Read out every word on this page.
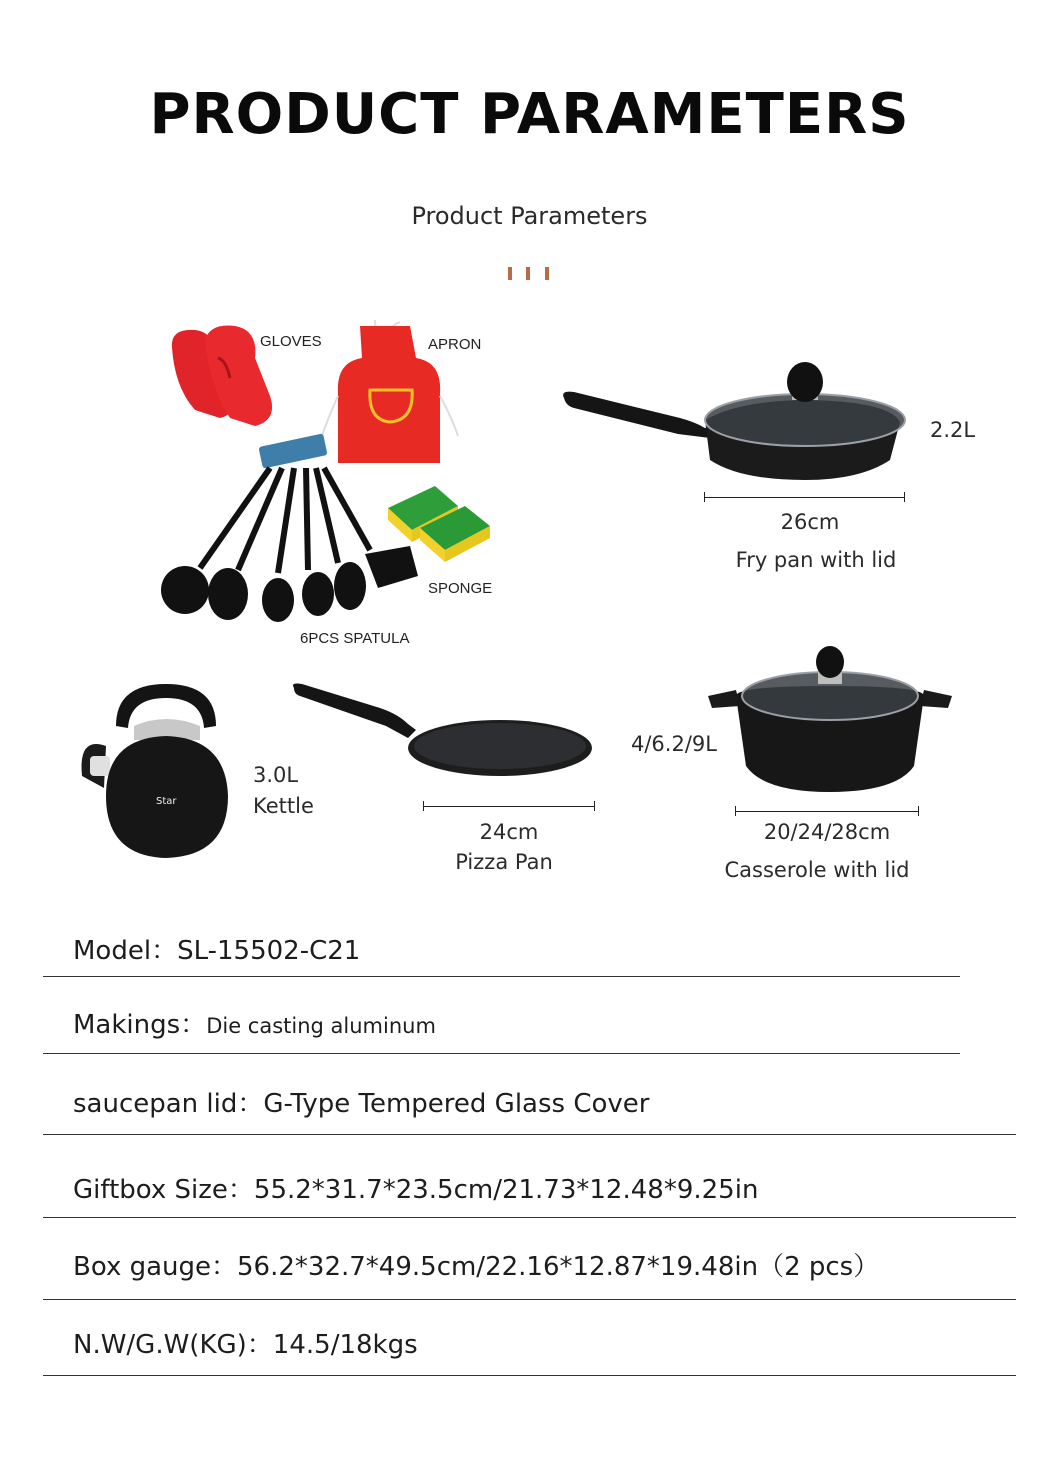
PRODUCT PARAMETERS
Product Parameters
GLOVES	APRON
SPONGE
6PCS SPATULA
2.2L
26cm
Fry pan with lid
Star
3.0L
Kettle
24cm
Pizza Pan
4/6.2/9L
20/24/28cm
Casserole with lid
Model：SL-15502-C21
Makings：Die casting aluminum
saucepan lid：G-Type Tempered Glass Cover
Giftbox Size：55.2*31.7*23.5cm/21.73*12.48*9.25in
Box gauge：56.2*32.7*49.5cm/22.16*12.87*19.48in（2 pcs）
N.W/G.W(KG)：14.5/18kgs
